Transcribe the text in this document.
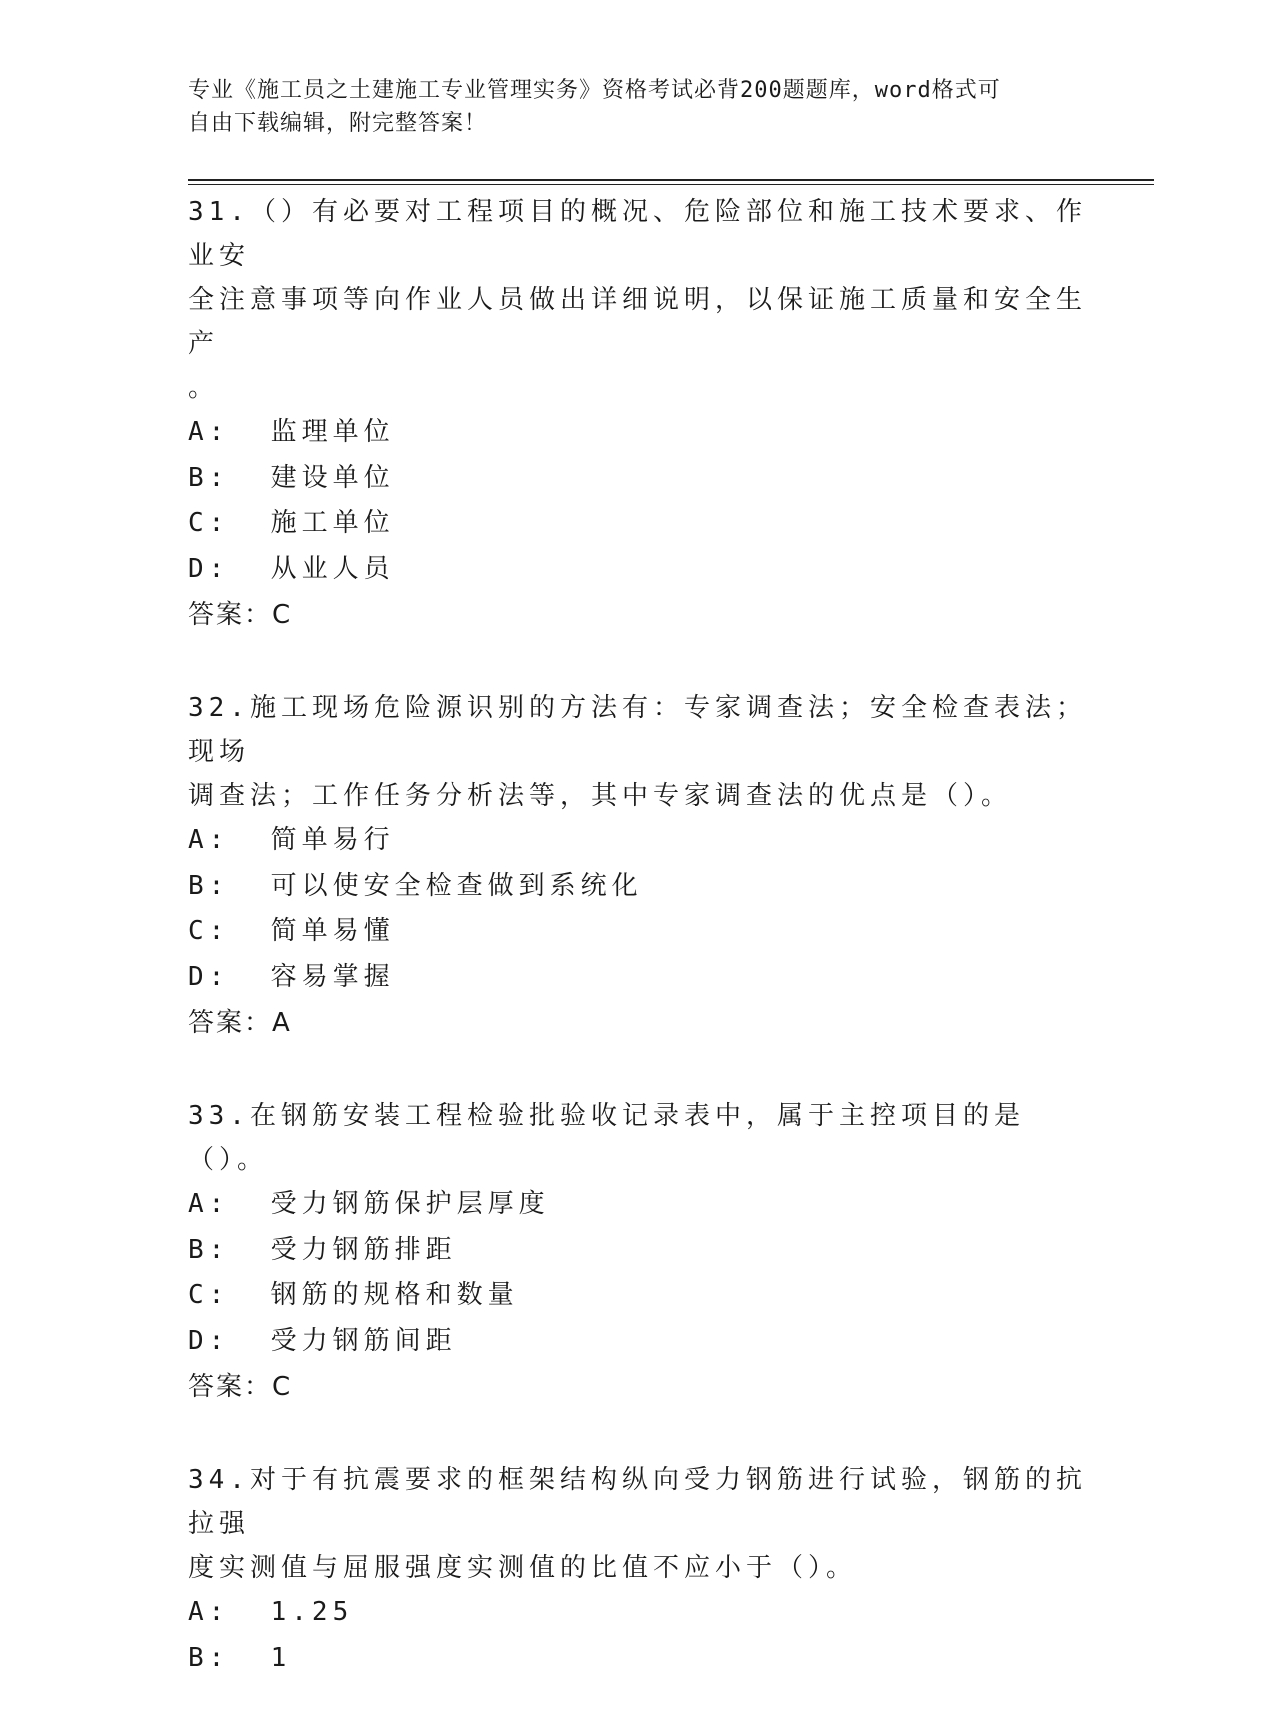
专业《施工员之土建施工专业管理实务》资格考试必背200题题库，word格式可
自由下载编辑，附完整答案！
31.（）有必要对工程项目的概况、危险部位和施工技术要求、作业安
全注意事项等向作业人员做出详细说明，以保证施工质量和安全生产
。
A:  监理单位
B:  建设单位
C:  施工单位
D:  从业人员
答案：C
32.施工现场危险源识别的方法有：专家调查法；安全检查表法；现场
调查法；工作任务分析法等，其中专家调查法的优点是（）。
A:  简单易行
B:  可以使安全检查做到系统化
C:  简单易懂
D:  容易掌握
答案：A
33.在钢筋安装工程检验批验收记录表中，属于主控项目的是（）。
A:  受力钢筋保护层厚度
B:  受力钢筋排距
C:  钢筋的规格和数量
D:  受力钢筋间距
答案：C
34.对于有抗震要求的框架结构纵向受力钢筋进行试验，钢筋的抗拉强
度实测值与屈服强度实测值的比值不应小于（）。
A:  1.25
B:  1
